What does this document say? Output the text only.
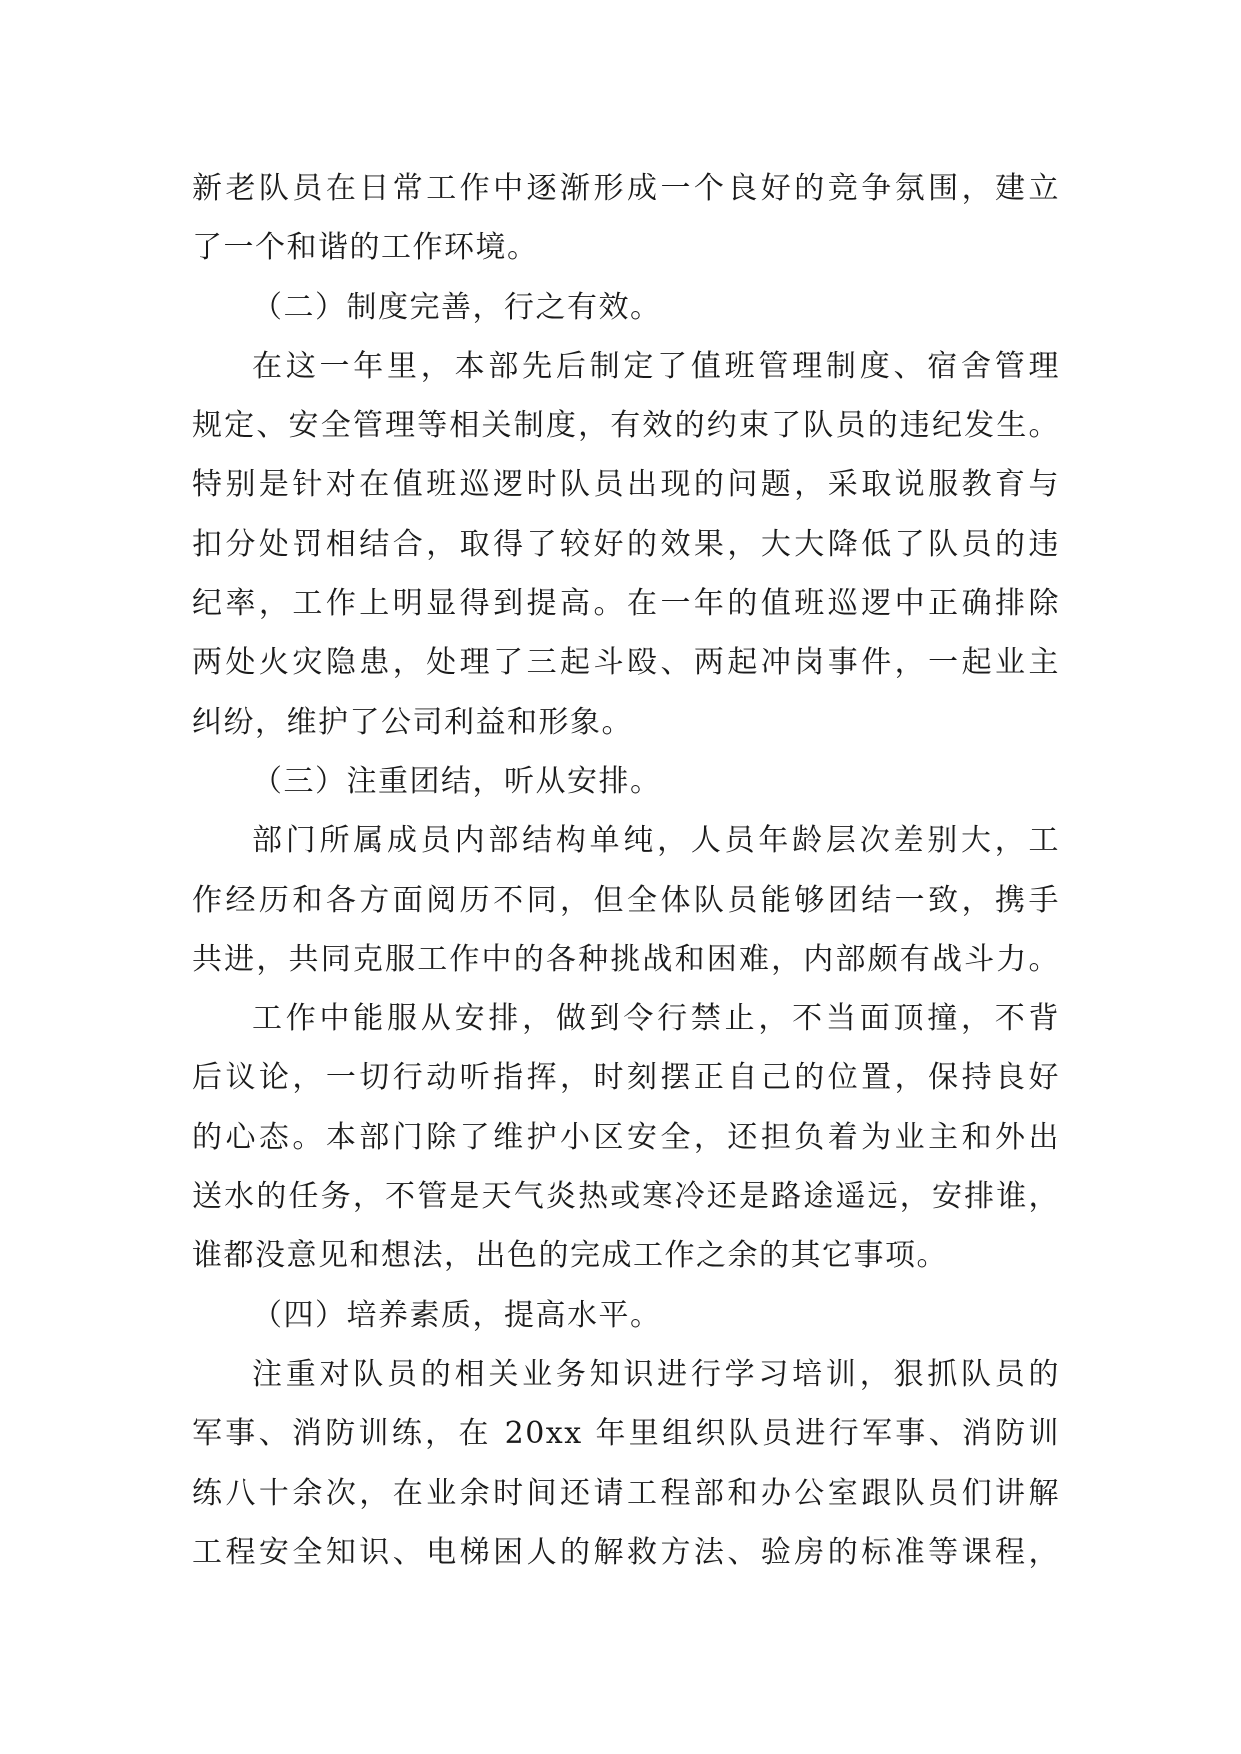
新老队员在日常工作中逐渐形成一个良好的竞争氛围，建立
了一个和谐的工作环境。
（二）制度完善，行之有效。
在这一年里，本部先后制定了值班管理制度、宿舍管理
规定、安全管理等相关制度，有效的约束了队员的违纪发生。
特别是针对在值班巡逻时队员出现的问题，采取说服教育与
扣分处罚相结合，取得了较好的效果，大大降低了队员的违
纪率，工作上明显得到提高。在一年的值班巡逻中正确排除
两处火灾隐患，处理了三起斗殴、两起冲岗事件，一起业主
纠纷，维护了公司利益和形象。
（三）注重团结，听从安排。
部门所属成员内部结构单纯，人员年龄层次差别大，工
作经历和各方面阅历不同，但全体队员能够团结一致，携手
共进，共同克服工作中的各种挑战和困难，内部颇有战斗力。
工作中能服从安排，做到令行禁止，不当面顶撞，不背
后议论，一切行动听指挥，时刻摆正自己的位置，保持良好
的心态。本部门除了维护小区安全，还担负着为业主和外出
送水的任务，不管是天气炎热或寒冷还是路途遥远，安排谁，
谁都没意见和想法，出色的完成工作之余的其它事项。
（四）培养素质，提高水平。
注重对队员的相关业务知识进行学习培训，狠抓队员的
军事、消防训练，在 20xx 年里组织队员进行军事、消防训
练八十余次，在业余时间还请工程部和办公室跟队员们讲解
工程安全知识、电梯困人的解救方法、验房的标准等课程，
